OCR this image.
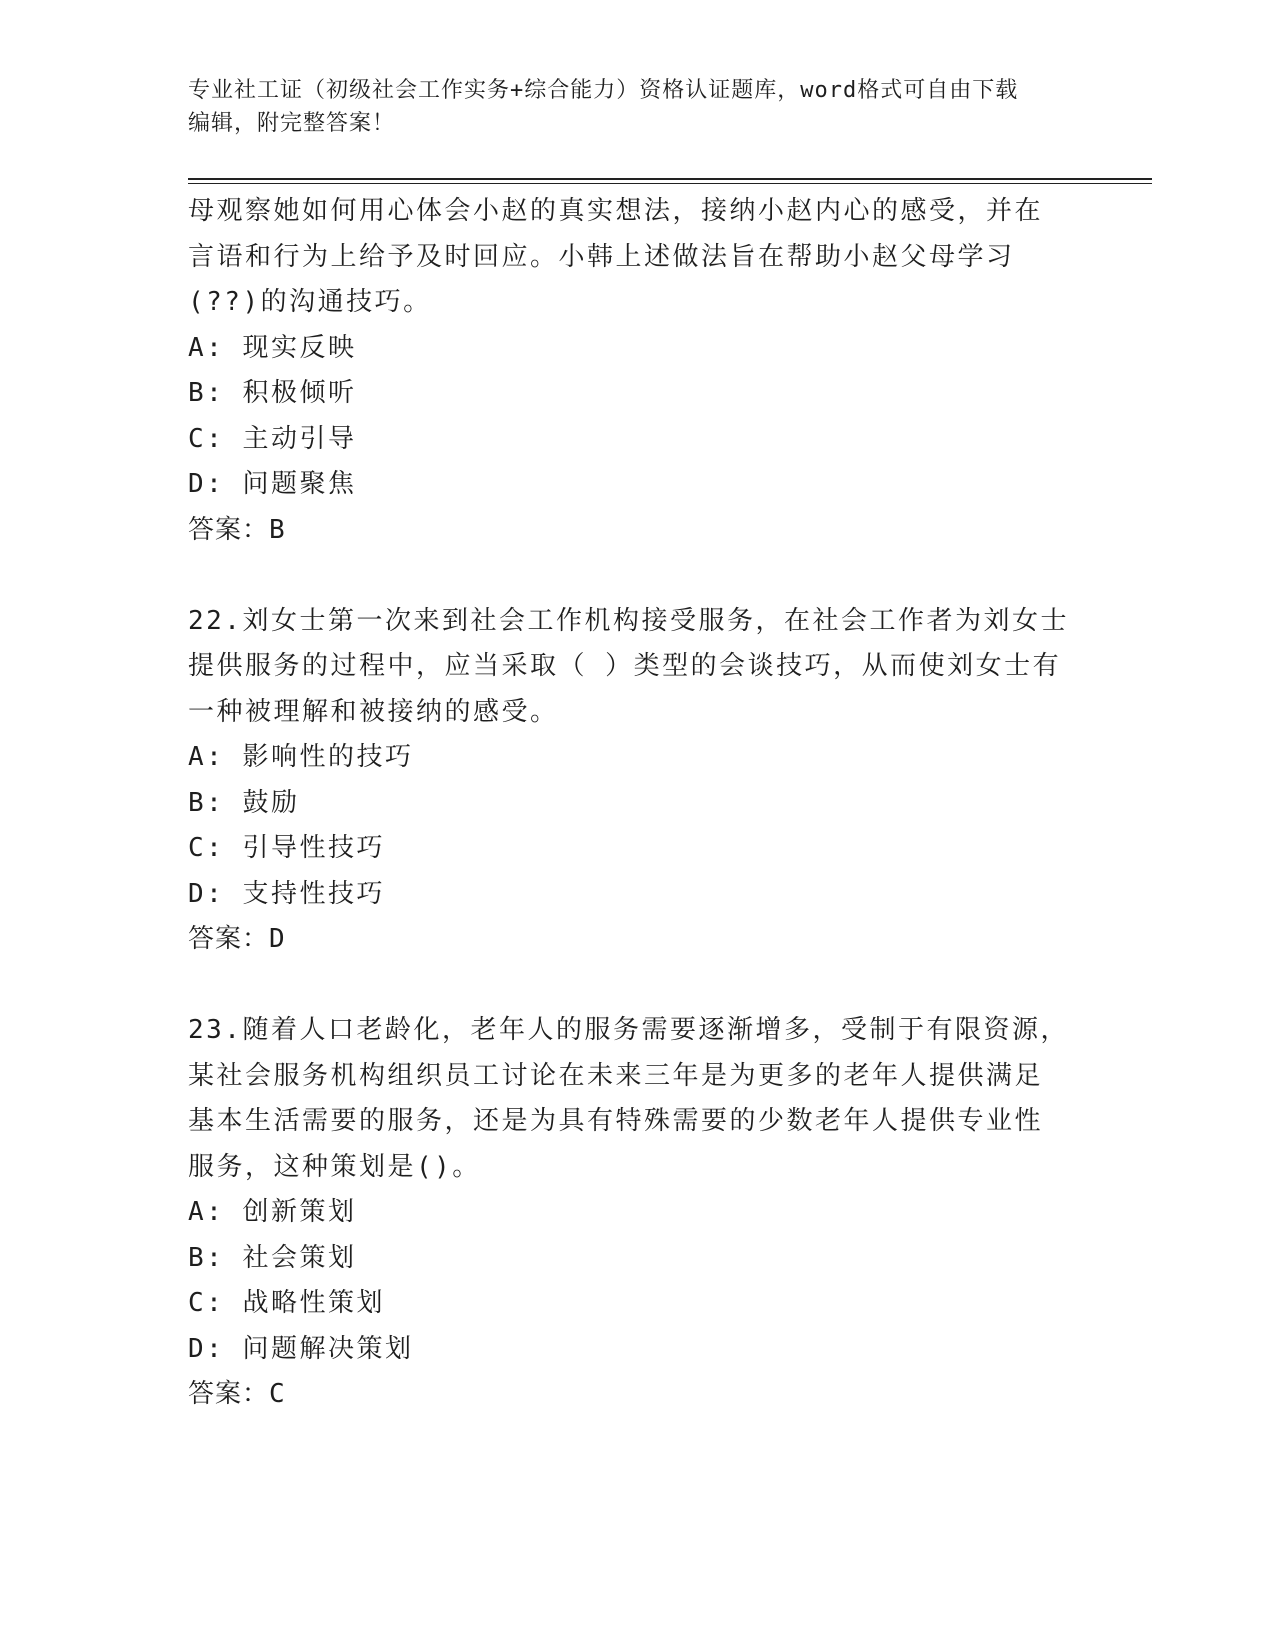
专业社工证（初级社会工作实务+综合能力）资格认证题库，word格式可自由下载
编辑，附完整答案！
母观察她如何用心体会小赵的真实想法，接纳小赵内心的感受，并在
言语和行为上给予及时回应。小韩上述做法旨在帮助小赵父母学习
(??)的沟通技巧。
A: 现实反映
B: 积极倾听
C: 主动引导
D: 问题聚焦
答案：B
22.刘女士第一次来到社会工作机构接受服务，在社会工作者为刘女士
提供服务的过程中，应当采取（ ）类型的会谈技巧，从而使刘女士有
一种被理解和被接纳的感受。
A: 影响性的技巧
B: 鼓励
C: 引导性技巧
D: 支持性技巧
答案：D
23.随着人口老龄化，老年人的服务需要逐渐增多，受制于有限资源，
某社会服务机构组织员工讨论在未来三年是为更多的老年人提供满足
基本生活需要的服务，还是为具有特殊需要的少数老年人提供专业性
服务，这种策划是()。
A: 创新策划
B: 社会策划
C: 战略性策划
D: 问题解决策划
答案：C
